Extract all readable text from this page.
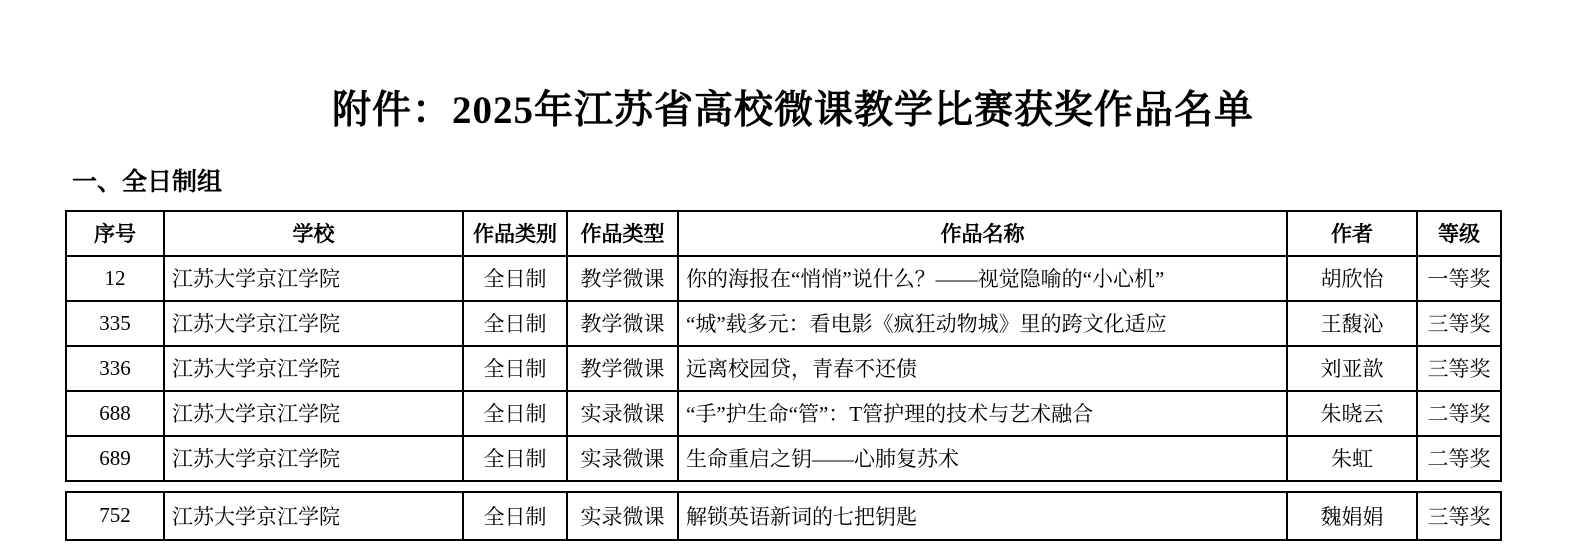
附件：2025年江苏省高校微课教学比赛获奖作品名单
一、全日制组
序号	学校	作品类别	作品类型	作品名称	作者	等级
12	江苏大学京江学院	全日制	教学微课	你的海报在“悄悄”说什么？——视觉隐喻的“小心机”	胡欣怡	一等奖
335	江苏大学京江学院	全日制	教学微课	“城”载多元：看电影《疯狂动物城》里的跨文化适应	王馥沁	三等奖
336	江苏大学京江学院	全日制	教学微课	远离校园贷，青春不还债	刘亚歆	三等奖
688	江苏大学京江学院	全日制	实录微课	“手”护生命“管”：T管护理的技术与艺术融合	朱晓云	二等奖
689	江苏大学京江学院	全日制	实录微课	生命重启之钥——心肺复苏术	朱虹	二等奖
752	江苏大学京江学院	全日制	实录微课	解锁英语新词的七把钥匙	魏娟娟	三等奖
